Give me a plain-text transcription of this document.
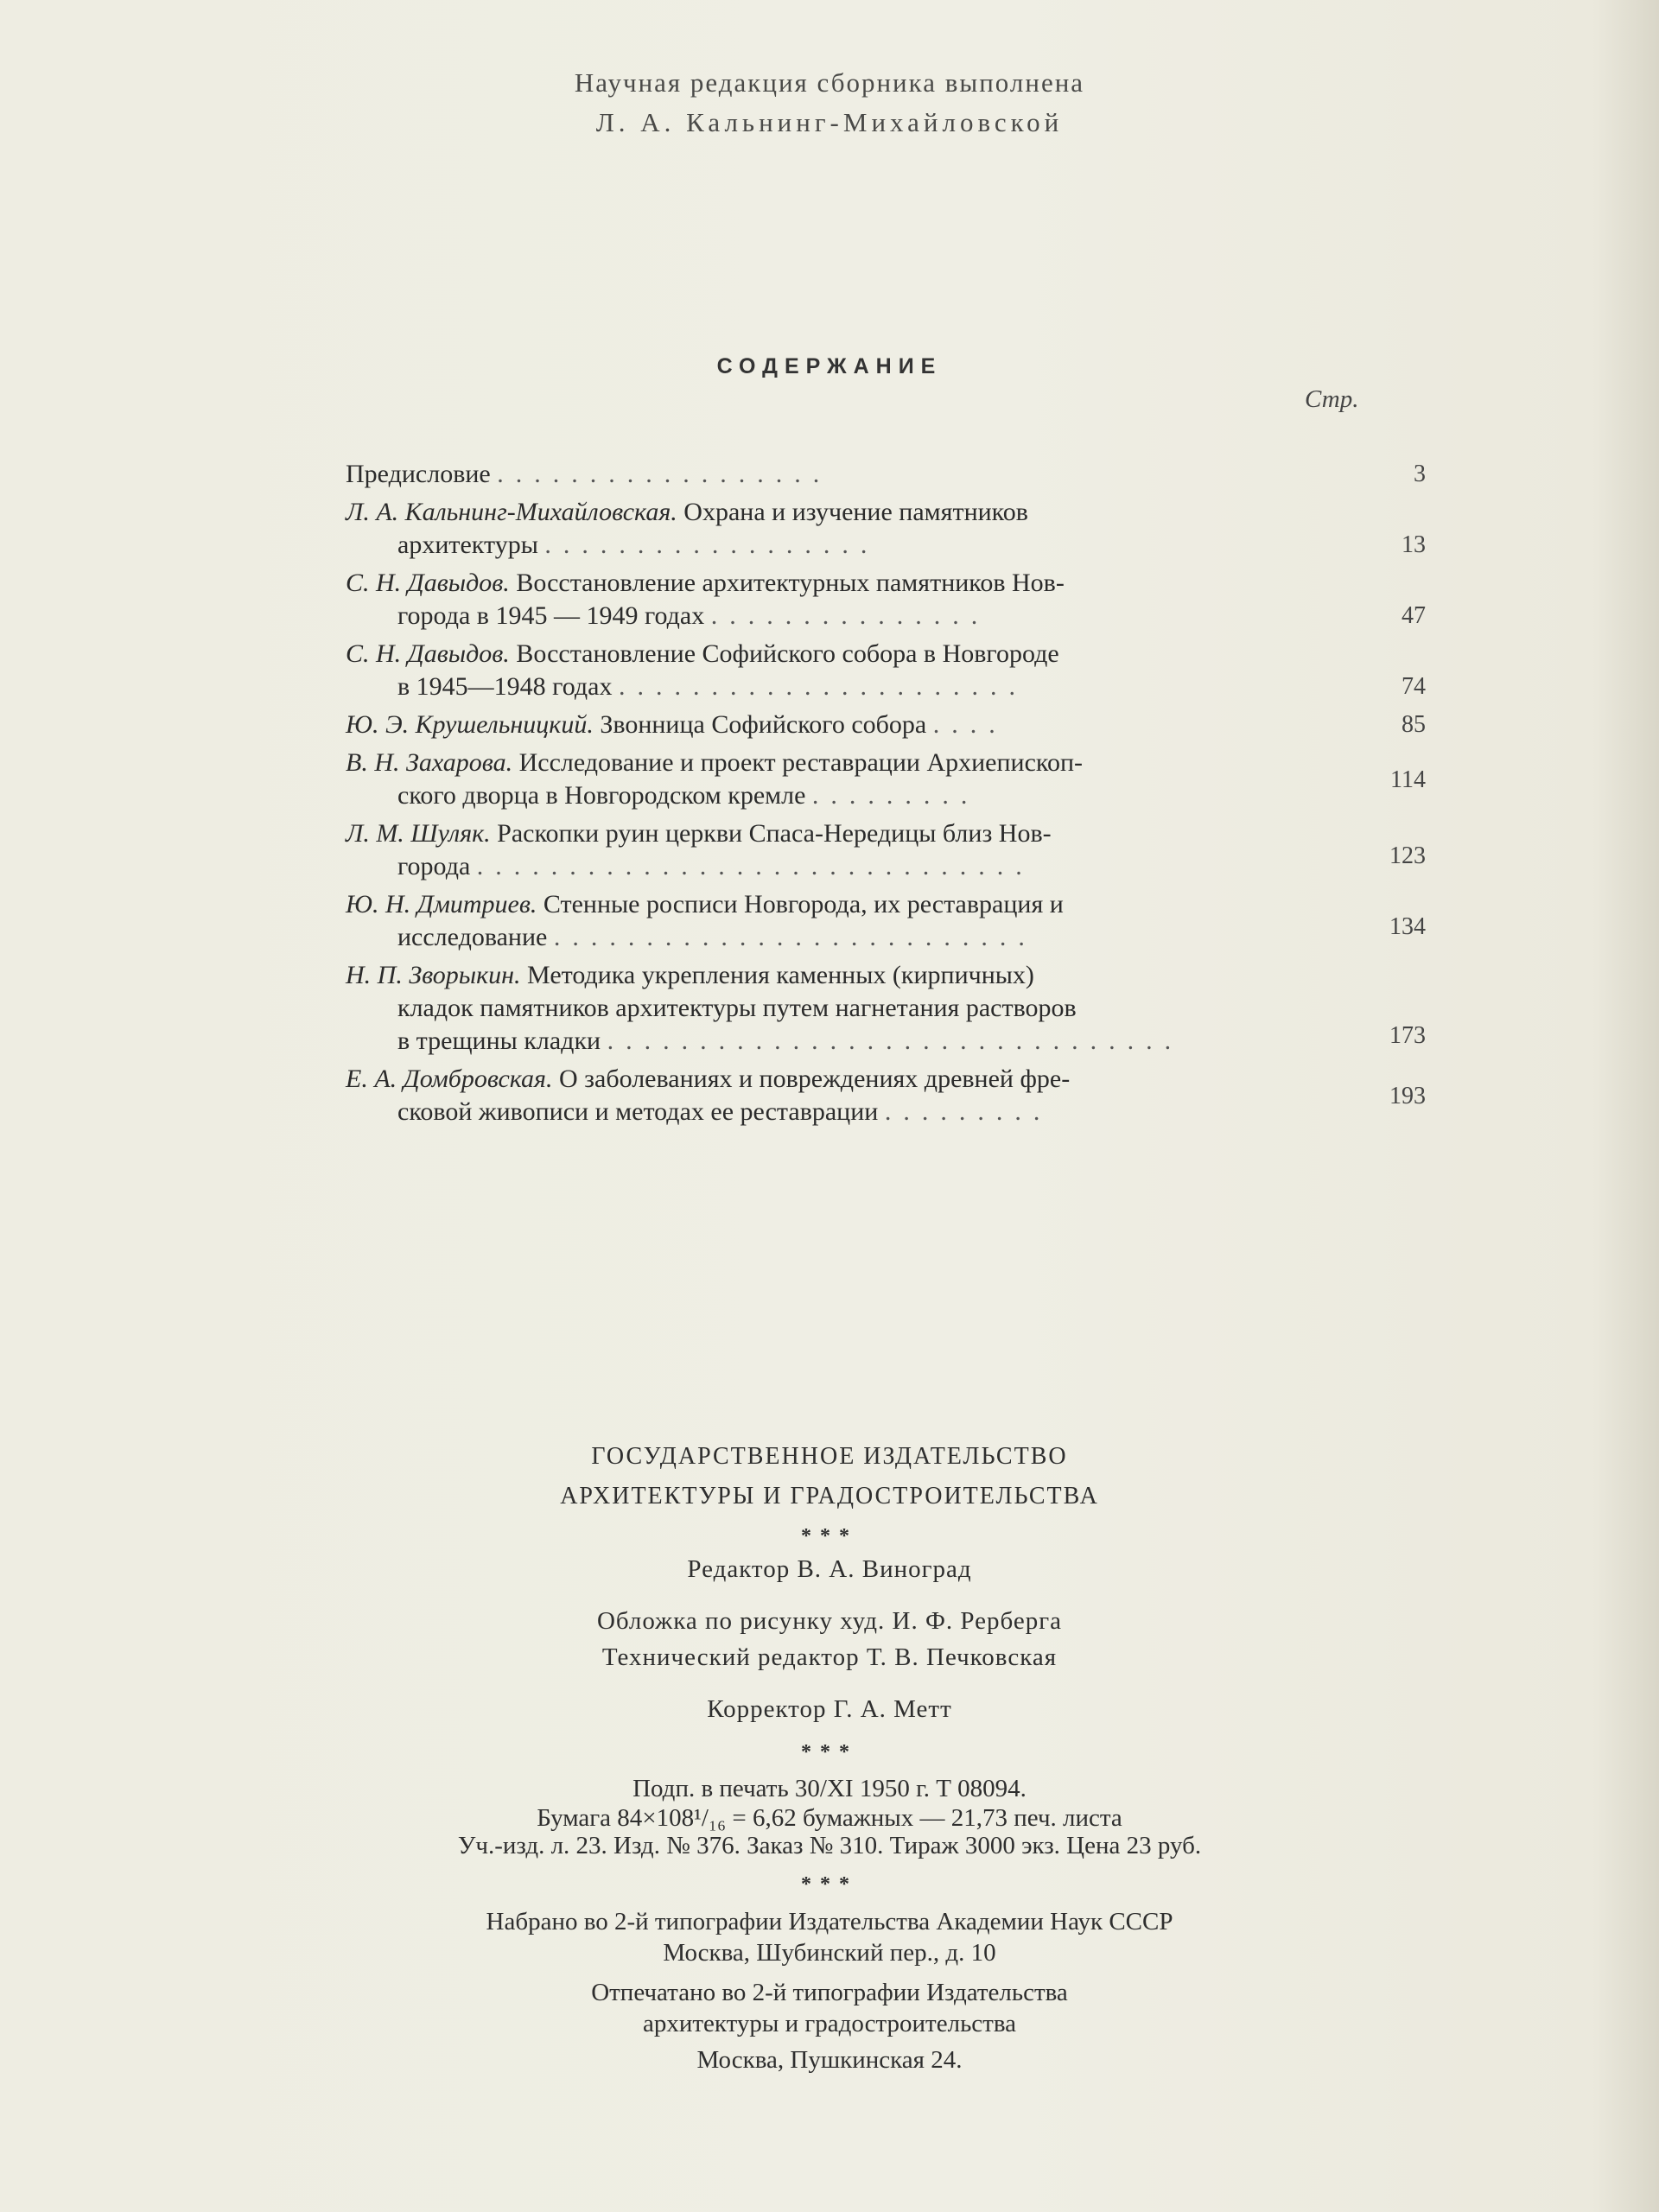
Научная редакция сборника выполнена
Л. А. Кальнинг-Михайловской
СОДЕРЖАНИЕ
Стр.
Предисловие ..................	3
Л. А. Кальнинг-Михайловская. Охрана и изучение памятников
архитектуры ..................	13
С. Н. Давыдов. Восстановление архитектурных памятников Нов-
города в 1945 — 1949 годах ...............	47
С. Н. Давыдов. Восстановление Софийского собора в Новгороде
в 1945—1948 годах ......................	74
Ю. Э. Крушельницкий. Звонница Софийского собора ....	85
В. Н. Захарова. Исследование и проект реставрации Архиепископ-
ского дворца в Новгородском кремле .........
114
Л. М. Шуляк. Раскопки руин церкви Спаса-Нередицы близ Нов-
города ..............................	123
Ю. Н. Дмитриев. Стенные росписи Новгорода, их реставрация и
исследование ..........................	134
Н. П. Зворыкин. Методика укрепления каменных (кирпичных)
кладок памятников архитектуры путем нагнетания растворов
в трещины кладки ...............................	173
Е. А. Домбровская. О заболеваниях и повреждениях древней фре-
сковой живописи и методах ее реставрации .........
193
ГОСУДАРСТВЕННОЕ ИЗДАТЕЛЬСТВО
АРХИТЕКТУРЫ И ГРАДОСТРОИТЕЛЬСТВА
***
Редактор В. А. Виноград
Обложка по рисунку худ. И. Ф. Рерберга
Технический редактор Т. В. Печковская
Корректор Г. А. Метт
***
Подп. в печать 30/XI 1950 г. Т 08094.
Бумага 84×108¹/₁₆ = 6,62 бумажных — 21,73 печ. листа
Уч.-изд. л. 23. Изд. № 376. Заказ № 310. Тираж 3000 экз. Цена 23 руб.
***
Набрано во 2-й типографии Издательства Академии Наук СССР
Москва, Шубинский пер., д. 10
Отпечатано во 2-й типографии Издательства
архитектуры и градостроительства
Москва, Пушкинская 24.
